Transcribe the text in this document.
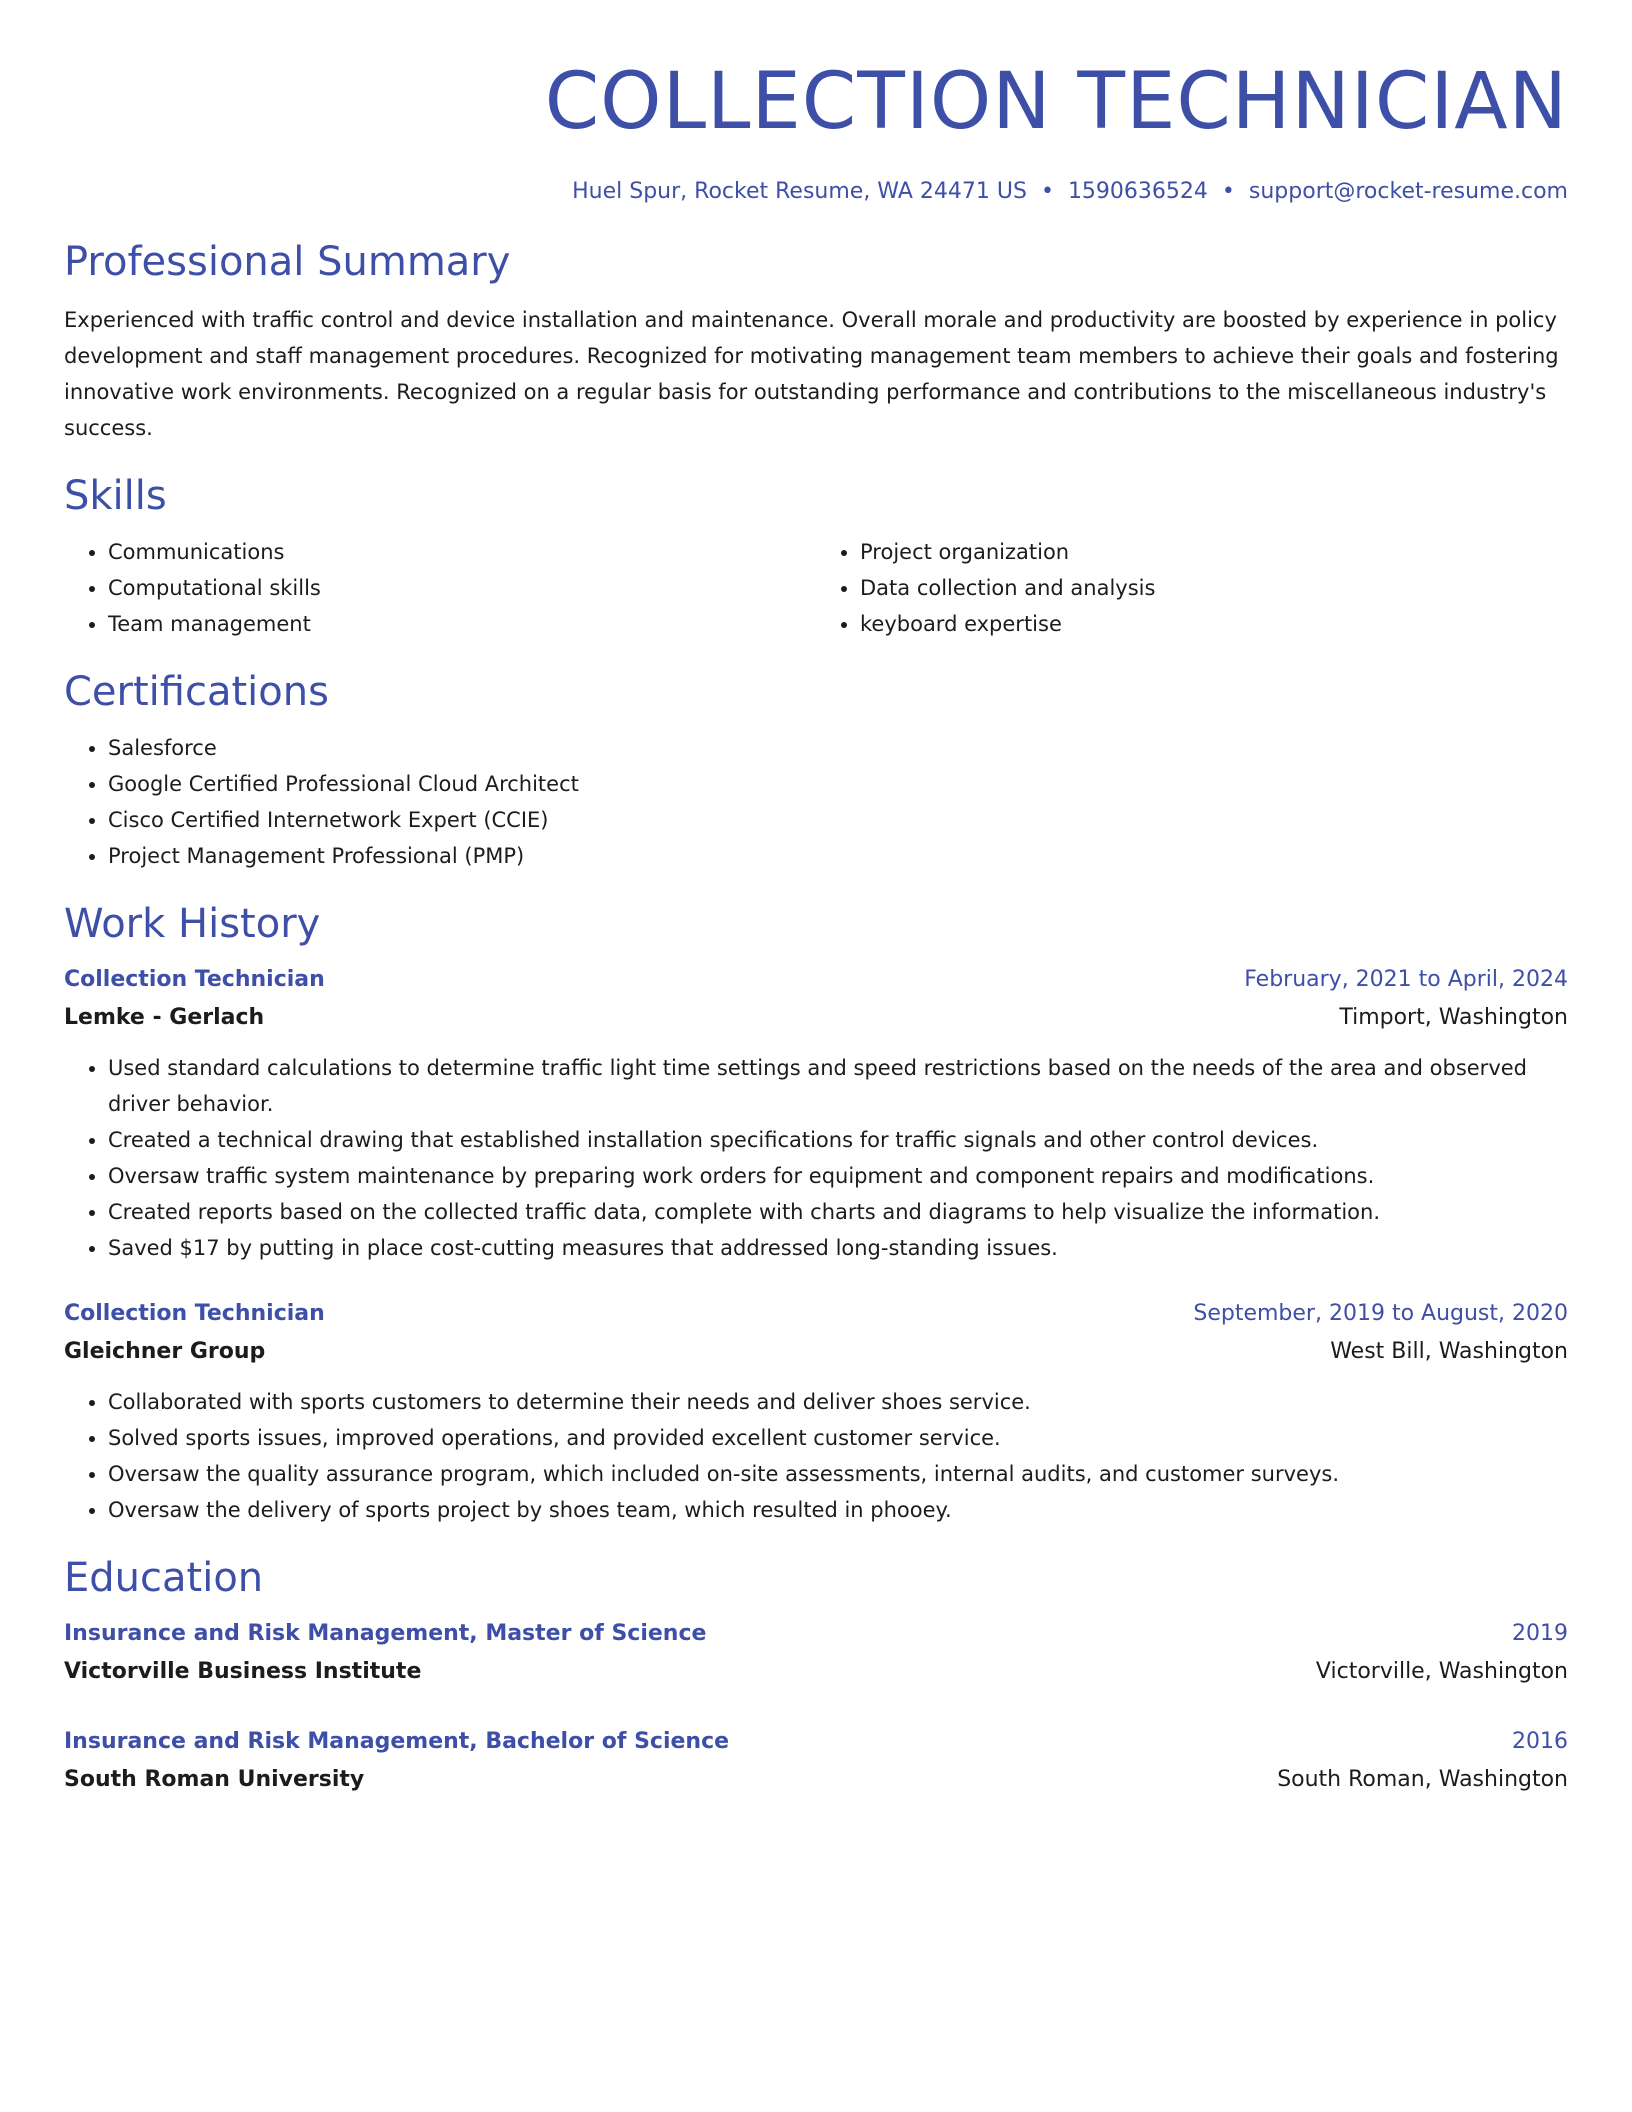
COLLECTION TECHNICIAN
Huel Spur, Rocket Resume, WA 24471 US • 1590636524 • support@rocket-resume.com
Professional Summary

Experienced with traffic control and device installation and maintenance. Overall morale and productivity are boosted by experience in policy development and staff management procedures. Recognized for motivating management team members to achieve their goals and fostering innovative work environments. Recognized on a regular basis for outstanding performance and contributions to the miscellaneous industry's success.

Skills
• Communications
• Computational skills
• Team management
• Project organization
• Data collection and analysis
• keyboard expertise
Certifications
• Salesforce
• Google Certified Professional Cloud Architect
• Cisco Certified Internetwork Expert (CCIE)
• Project Management Professional (PMP)
Work History
Collection Technician	February, 2021 to April, 2024
Lemke - Gerlach	Timport, Washington
• Used standard calculations to determine traffic light time settings and speed restrictions based on the needs of the area and observed driver behavior.
• Created a technical drawing that established installation specifications for traffic signals and other control devices.
• Oversaw traffic system maintenance by preparing work orders for equipment and component repairs and modifications.
• Created reports based on the collected traffic data, complete with charts and diagrams to help visualize the information.
• Saved $17 by putting in place cost-cutting measures that addressed long-standing issues.
Collection Technician	September, 2019 to August, 2020
Gleichner Group	West Bill, Washington
• Collaborated with sports customers to determine their needs and deliver shoes service.
• Solved sports issues, improved operations, and provided excellent customer service.
• Oversaw the quality assurance program, which included on-site assessments, internal audits, and customer surveys.
• Oversaw the delivery of sports project by shoes team, which resulted in phooey.
Education
Insurance and Risk Management, Master of Science	2019
Victorville Business Institute	Victorville, Washington
Insurance and Risk Management, Bachelor of Science	2016
South Roman University	South Roman, Washington
